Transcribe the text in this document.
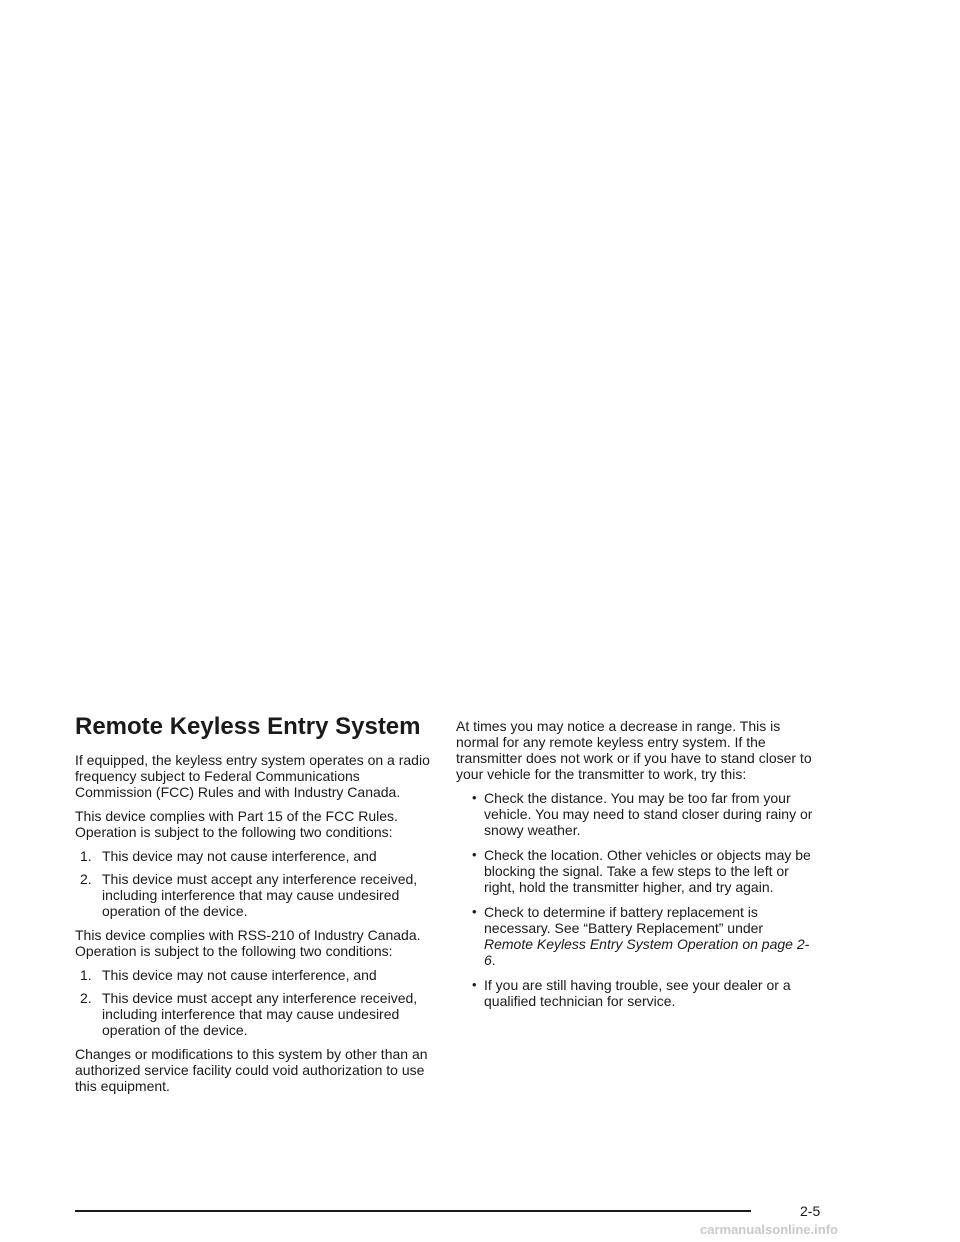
Remote Keyless Entry System

If equipped, the keyless entry system operates on a radio frequency subject to Federal Communications Commission (FCC) Rules and with Industry Canada.

This device complies with Part 15 of the FCC Rules. Operation is subject to the following two conditions:

1. This device may not cause interference, and
2. This device must accept any interference received, including interference that may cause undesired operation of the device.

This device complies with RSS-210 of Industry Canada. Operation is subject to the following two conditions:

1. This device may not cause interference, and
2. This device must accept any interference received, including interference that may cause undesired operation of the device.

Changes or modifications to this system by other than an authorized service facility could void authorization to use this equipment.

At times you may notice a decrease in range. This is normal for any remote keyless entry system. If the transmitter does not work or if you have to stand closer to your vehicle for the transmitter to work, try this:

• Check the distance. You may be too far from your vehicle. You may need to stand closer during rainy or snowy weather.
• Check the location. Other vehicles or objects may be blocking the signal. Take a few steps to the left or right, hold the transmitter higher, and try again.
• Check to determine if battery replacement is necessary. See “Battery Replacement” under Remote Keyless Entry System Operation on page 2-6.
• If you are still having trouble, see your dealer or a qualified technician for service.
2-5
carmanualsonline.info
